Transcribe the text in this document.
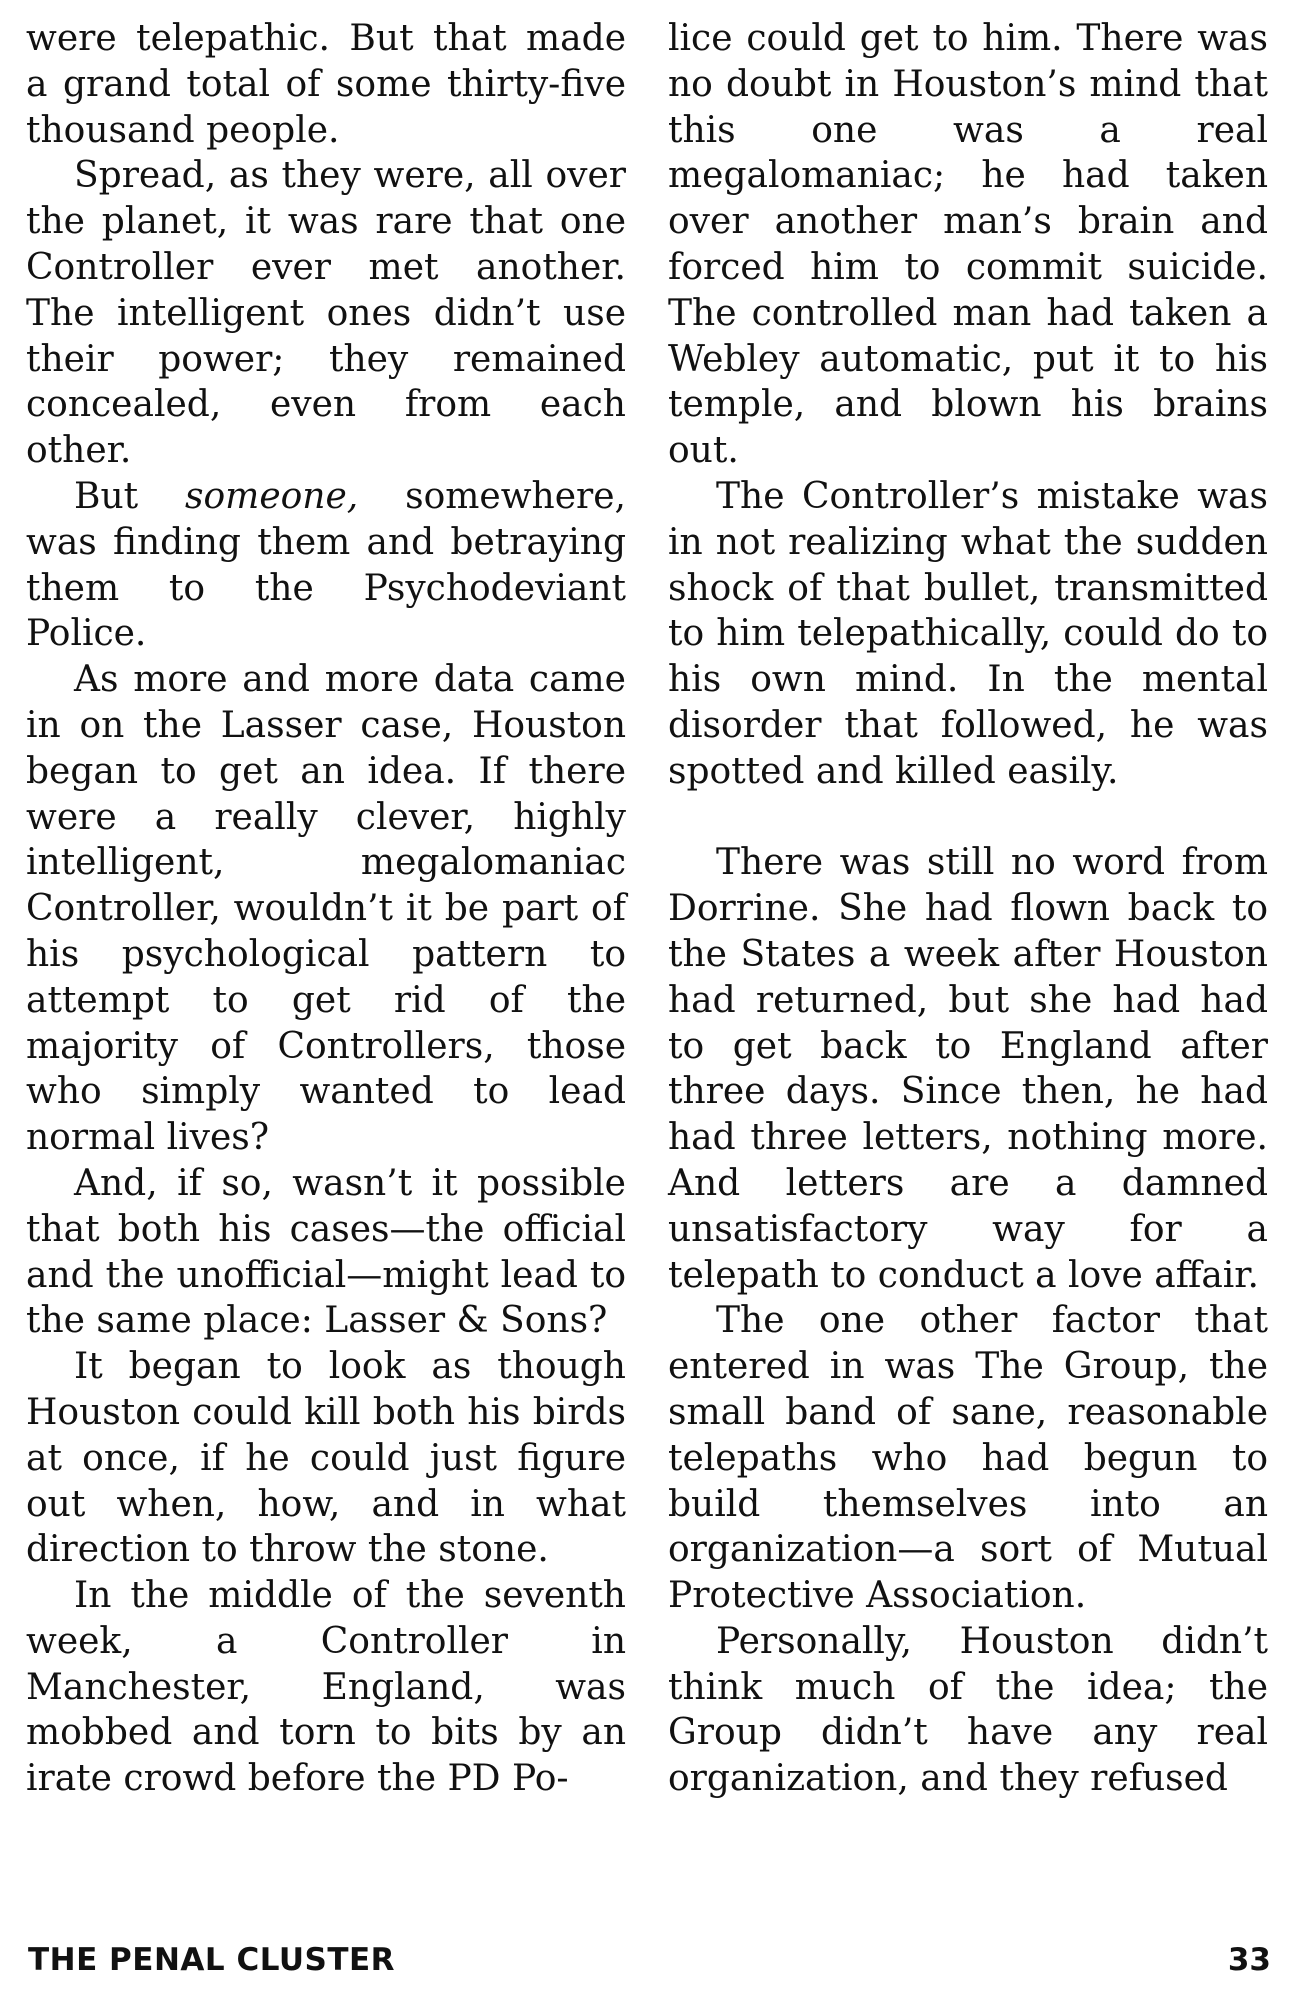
were telepathic. But that made a grand total of some thirty-five thousand people.

Spread, as they were, all over the planet, it was rare that one Controller ever met another. The intelligent ones didn’t use their power; they remained concealed, even from each other.

But someone, somewhere, was finding them and betraying them to the Psychodeviant Police.

As more and more data came in on the Lasser case, Houston began to get an idea. If there were a really clever, highly intelligent, megalomaniac Controller, wouldn’t it be part of his psychological pattern to attempt to get rid of the majority of Controllers, those who simply wanted to lead normal lives?

And, if so, wasn’t it possible that both his cases—the official and the unofficial—might lead to the same place: Lasser & Sons?

It began to look as though Houston could kill both his birds at once, if he could just figure out when, how, and in what direction to throw the stone.

In the middle of the seventh week, a Controller in Manchester, England, was mobbed and torn to bits by an irate crowd before the PD Po-

lice could get to him. There was no doubt in Houston’s mind that this one was a real megalomaniac; he had taken over another man’s brain and forced him to commit suicide. The controlled man had taken a Webley automatic, put it to his temple, and blown his brains out.

The Controller’s mistake was in not realizing what the sudden shock of that bullet, transmitted to him telepathically, could do to his own mind. In the mental disorder that followed, he was spotted and killed easily.

There was still no word from Dorrine. She had flown back to the States a week after Houston had returned, but she had had to get back to England after three days. Since then, he had had three letters, nothing more. And letters are a damned unsatisfactory way for a telepath to conduct a love affair.

The one other factor that entered in was The Group, the small band of sane, reasonable telepaths who had begun to build themselves into an organization—a sort of Mutual Protective Association.

Personally, Houston didn’t think much of the idea; the Group didn’t have any real organization, and they refused

THE PENAL CLUSTER	33
